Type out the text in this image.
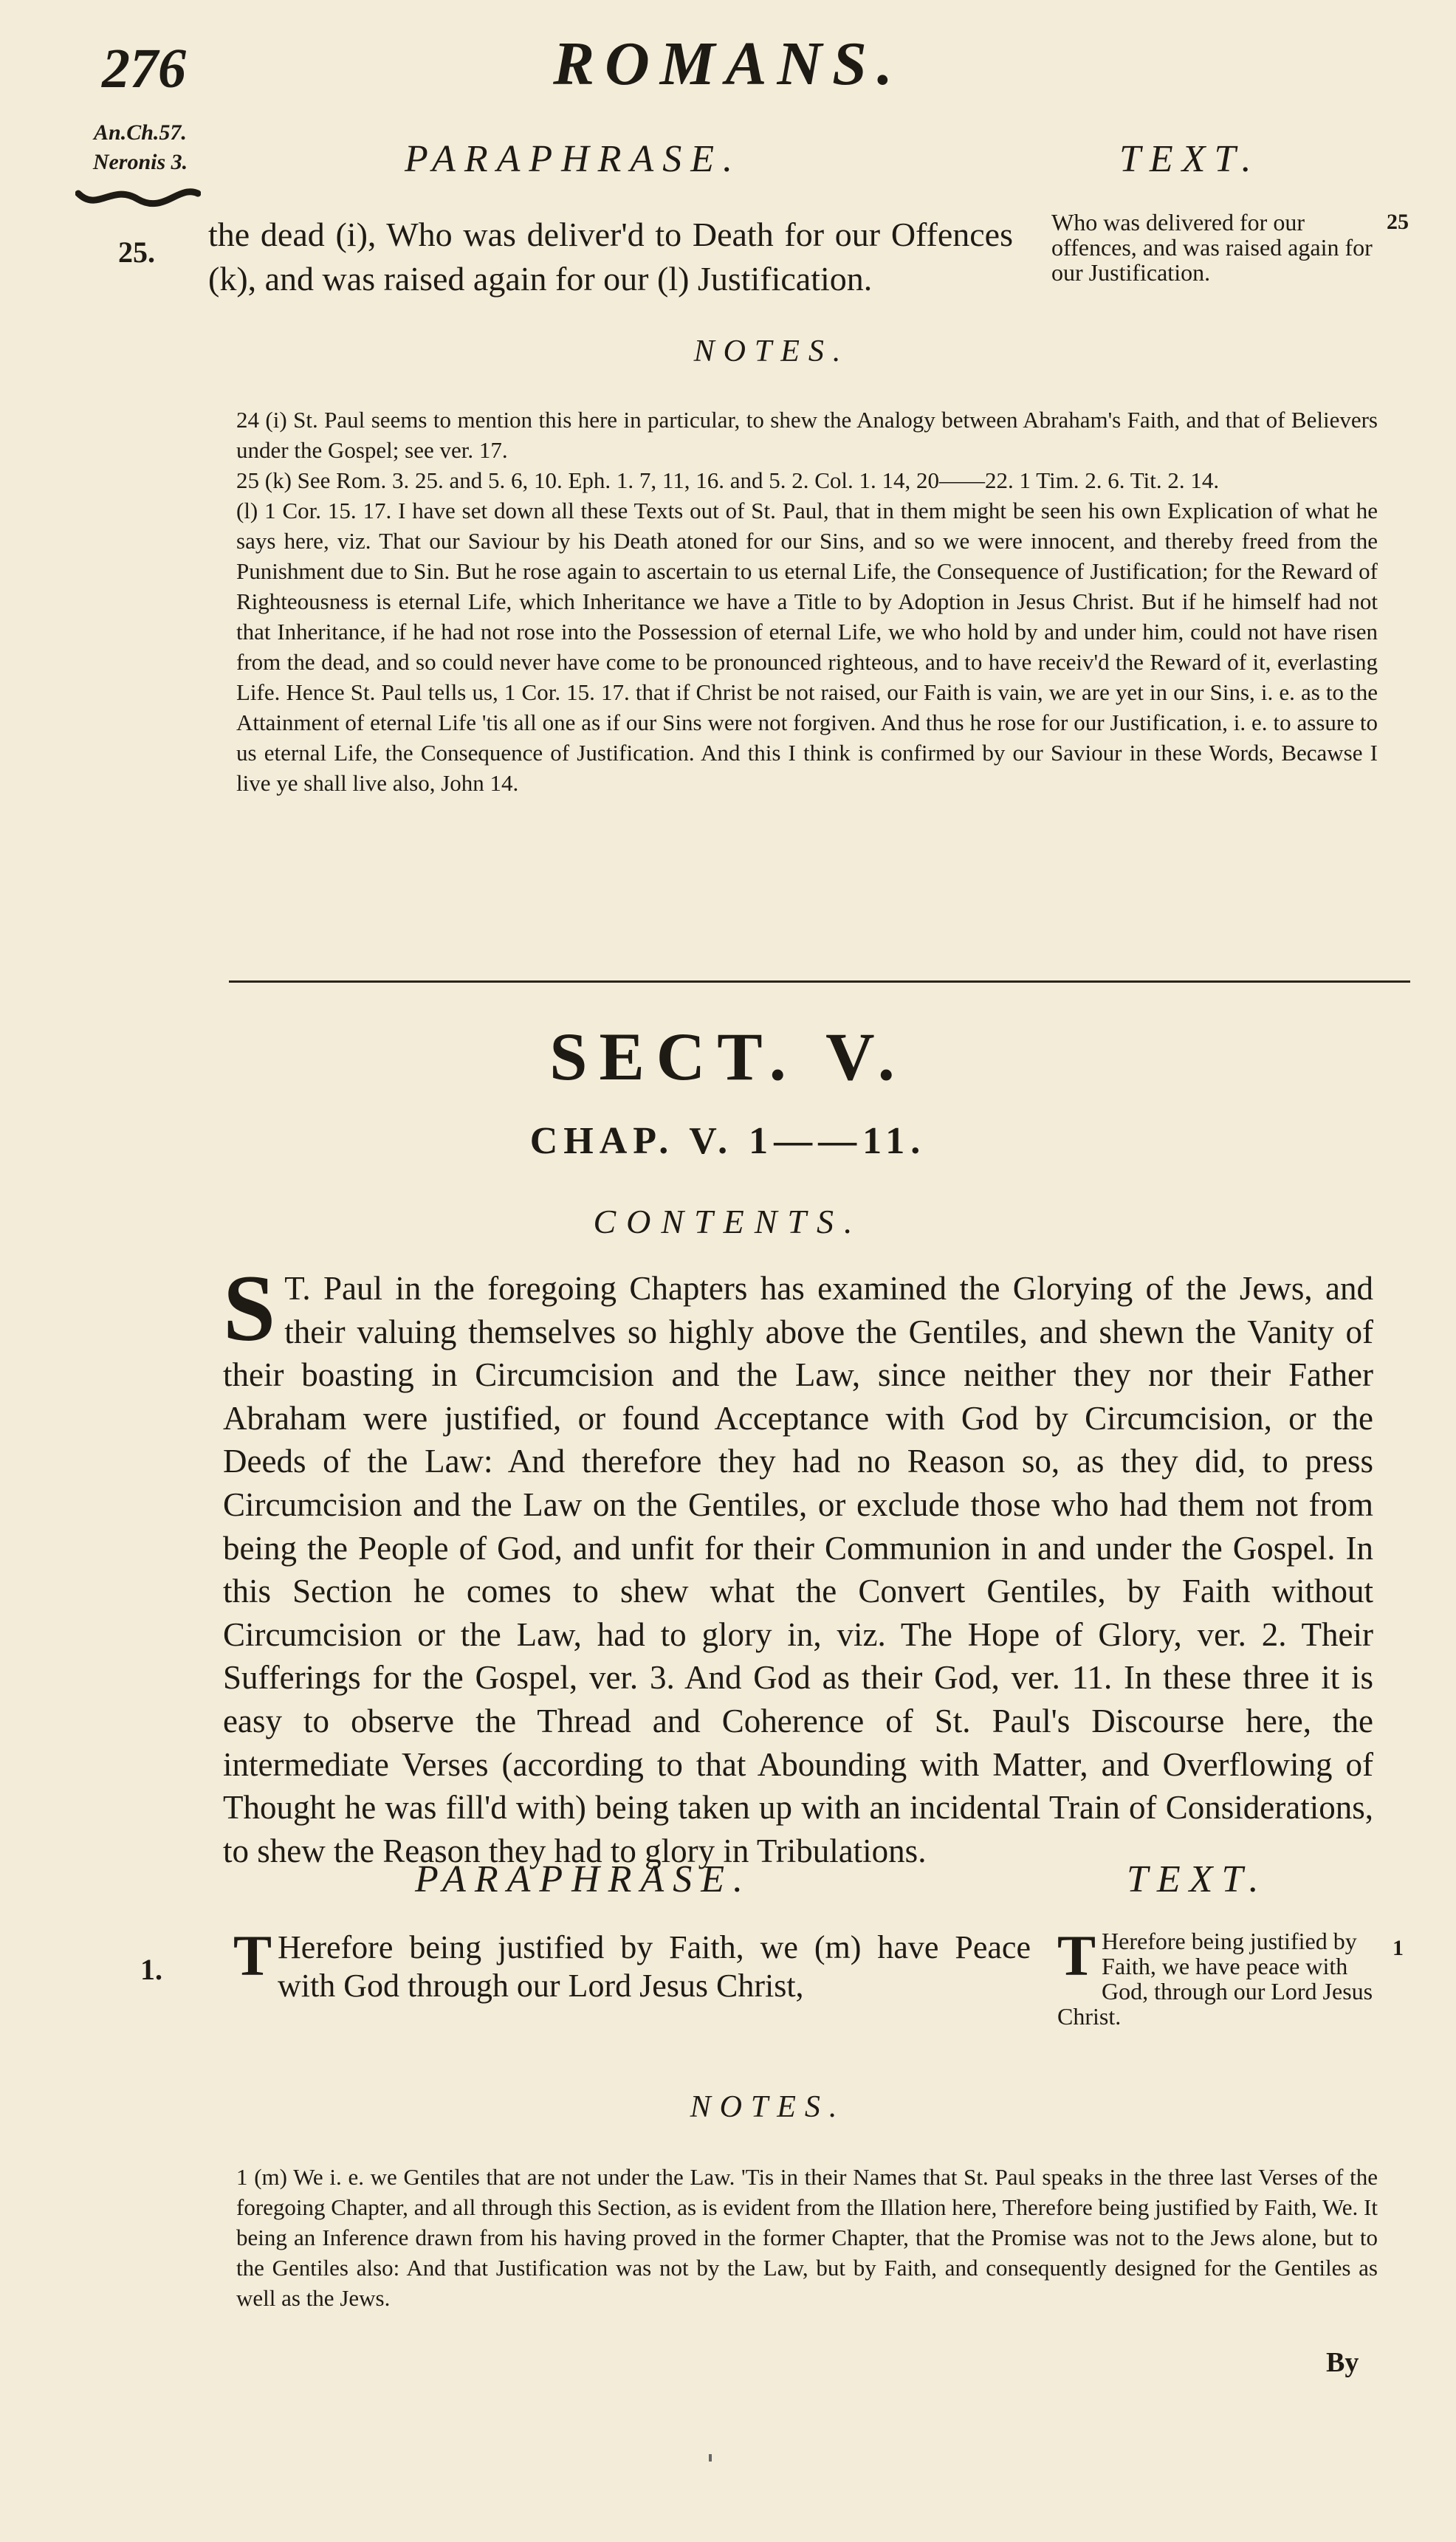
276	ROMANS.
An.Ch.57.
Neronis 3.	PARAPHRASE.	TEXT.
25.
25
the dead (i), Who was deliver'd to Death for our Offences (k), and was raised again for our (l) Justification.
Who was delivered for our offences, and was raised again for our Justification.
NOTES.

24 (i) St. Paul seems to mention this here in particular, to shew the Analogy between Abraham's Faith, and that of Believers under the Gospel; see ver. 17.

25 (k) See Rom. 3. 25. and 5. 6, 10. Eph. 1. 7, 11, 16. and 5. 2. Col. 1. 14, 20——22. 1 Tim. 2. 6. Tit. 2. 14.

(l) 1 Cor. 15. 17. I have set down all these Texts out of St. Paul, that in them might be seen his own Explication of what he says here, viz. That our Saviour by his Death atoned for our Sins, and so we were innocent, and thereby freed from the Punishment due to Sin. But he rose again to ascertain to us eternal Life, the Consequence of Justification; for the Reward of Righteousness is eternal Life, which Inheritance we have a Title to by Adoption in Jesus Christ. But if he himself had not that Inheritance, if he had not rose into the Possession of eternal Life, we who hold by and under him, could not have risen from the dead, and so could never have come to be pronounced righteous, and to have receiv'd the Reward of it, everlasting Life. Hence St. Paul tells us, 1 Cor. 15. 17. that if Christ be not raised, our Faith is vain, we are yet in our Sins, i. e. as to the Attainment of eternal Life 'tis all one as if our Sins were not forgiven. And thus he rose for our Justification, i. e. to assure to us eternal Life, the Consequence of Justification. And this I think is confirmed by our Saviour in these Words, Becawse I live ye shall live also, John 14.

SECT. V.
CHAP. V. 1——11.
CONTENTS.
S T. Paul in the foregoing Chapters has examined the Glorying of the Jews, and their valuing themselves so highly above the Gentiles, and shewn the Vanity of their boasting in Circumcision and the Law, since neither they nor their Father Abraham were justified, or found Acceptance with God by Circumcision, or the Deeds of the Law: And therefore they had no Reason so, as they did, to press Circumcision and the Law on the Gentiles, or exclude those who had them not from being the People of God, and unfit for their Communion in and under the Gospel. In this Section he comes to shew what the Convert Gentiles, by Faith without Circumcision or the Law, had to glory in, viz. The Hope of Glory, ver. 2. Their Sufferings for the Gospel, ver. 3. And God as their God, ver. 11. In these three it is easy to observe the Thread and Coherence of St. Paul's Discourse here, the intermediate Verses (according to that Abounding with Matter, and Overflowing of Thought he was fill'd with) being taken up with an incidental Train of Considerations, to shew the Reason they had to glory in Tribulations.
PARAPHRASE.	TEXT.
1.
1
T Herefore being justified by Faith, we (m) have Peace with God through our Lord Jesus Christ,	T Herefore being justified by Faith, we have peace with God, through our Lord Jesus Christ.
NOTES.

1 (m) We i. e. we Gentiles that are not under the Law. 'Tis in their Names that St. Paul speaks in the three last Verses of the foregoing Chapter, and all through this Section, as is evident from the Illation here, Therefore being justified by Faith, We. It being an Inference drawn from his having proved in the former Chapter, that the Promise was not to the Jews alone, but to the Gentiles also: And that Justification was not by the Law, but by Faith, and consequently designed for the Gentiles as well as the Jews.

By
